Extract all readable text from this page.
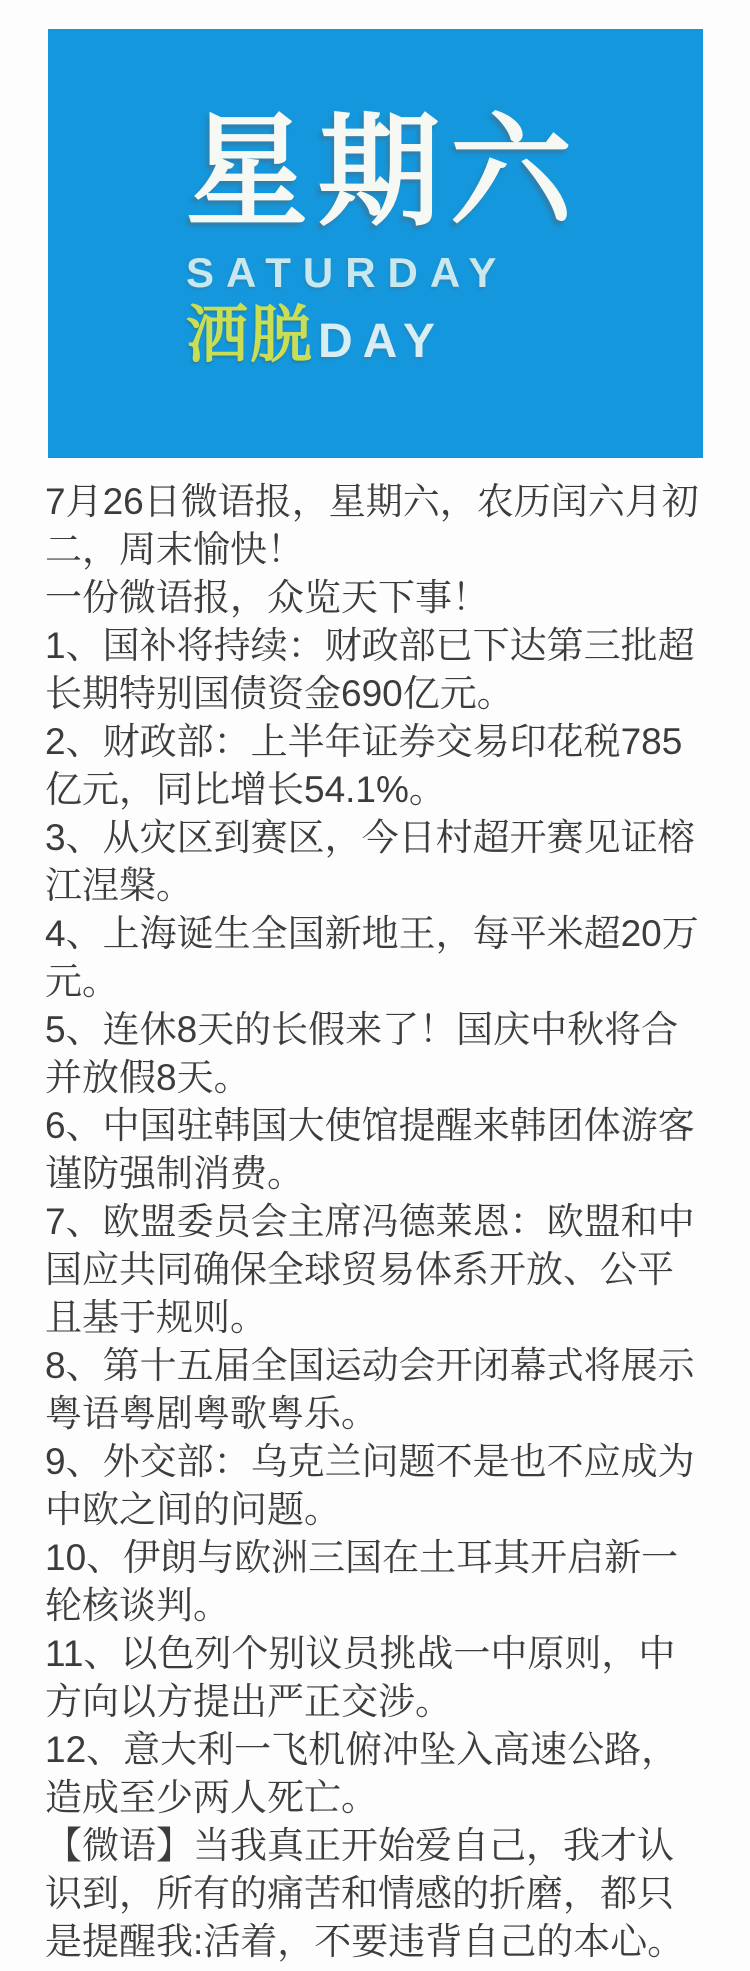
星期六
SATURDAY
洒脱 DAY

7月26日微语报，星期六，农历闰六月初二，周末愉快！

一份微语报，众览天下事！

1、国补将持续：财政部已下达第三批超长期特别国债资金690亿元。

2、财政部：上半年证券交易印花税785亿元，同比增长54.1%。

3、从灾区到赛区，今日村超开赛见证榕江涅槃。

4、上海诞生全国新地王，每平米超20万元。

5、连休8天的长假来了！国庆中秋将合并放假8天。

6、中国驻韩国大使馆提醒来韩团体游客谨防强制消费。

7、欧盟委员会主席冯德莱恩：欧盟和中国应共同确保全球贸易体系开放、公平且基于规则。

8、第十五届全国运动会开闭幕式将展示粤语粤剧粤歌粤乐。

9、外交部：乌克兰问题不是也不应成为中欧之间的问题。

10、伊朗与欧洲三国在土耳其开启新一轮核谈判。

11、以色列个别议员挑战一中原则，中方向以方提出严正交涉。

12、意大利一飞机俯冲坠入高速公路，造成至少两人死亡。

【微语】当我真正开始爱自己，我才认识到，所有的痛苦和情感的折磨，都只是提醒我:活着，不要违背自己的本心。
